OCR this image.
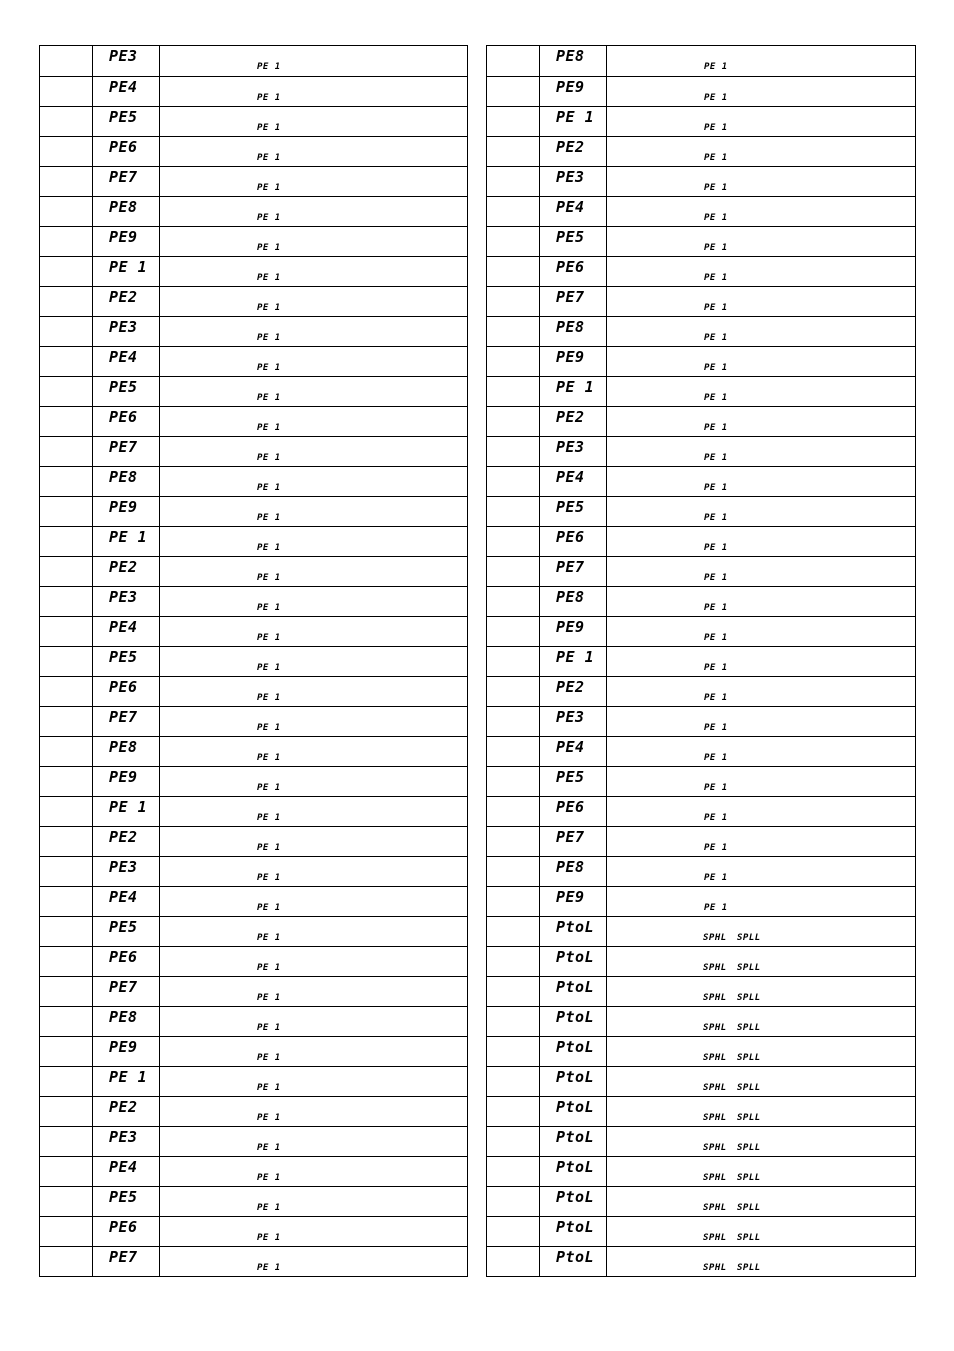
PE3
PE 1
PE4
PE 1
PE5
PE 1
PE6
PE 1
PE7
PE 1
PE8
PE 1
PE9
PE 1
PE 1
PE 1
PE2
PE 1
PE3
PE 1
PE4
PE 1
PE5
PE 1
PE6
PE 1
PE7
PE 1
PE8
PE 1
PE9
PE 1
PE 1
PE 1
PE2
PE 1
PE3
PE 1
PE4
PE 1
PE5
PE 1
PE6
PE 1
PE7
PE 1
PE8
PE 1
PE9
PE 1
PE 1
PE 1
PE2
PE 1
PE3
PE 1
PE4
PE 1
PE5
PE 1
PE6
PE 1
PE7
PE 1
PE8
PE 1
PE9
PE 1
PE 1
PE 1
PE2
PE 1
PE3
PE 1
PE4
PE 1
PE5
PE 1
PE6
PE 1
PE7
PE 1
PE8
PE 1
PE9
PE 1
PE 1
PE 1
PE2
PE 1
PE3
PE 1
PE4
PE 1
PE5
PE 1
PE6
PE 1
PE7
PE 1
PE8
PE 1
PE9
PE 1
PE 1
PE 1
PE2
PE 1
PE3
PE 1
PE4
PE 1
PE5
PE 1
PE6
PE 1
PE7
PE 1
PE8
PE 1
PE9
PE 1
PE 1
PE 1
PE2
PE 1
PE3
PE 1
PE4
PE 1
PE5
PE 1
PE6
PE 1
PE7
PE 1
PE8
PE 1
PE9
PE 1
PtoL
SPHL SPLL
PtoL
SPHL SPLL
PtoL
SPHL SPLL
PtoL
SPHL SPLL
PtoL
SPHL SPLL
PtoL
SPHL SPLL
PtoL
SPHL SPLL
PtoL
SPHL SPLL
PtoL
SPHL SPLL
PtoL
SPHL SPLL
PtoL
SPHL SPLL
PtoL
SPHL SPLL
